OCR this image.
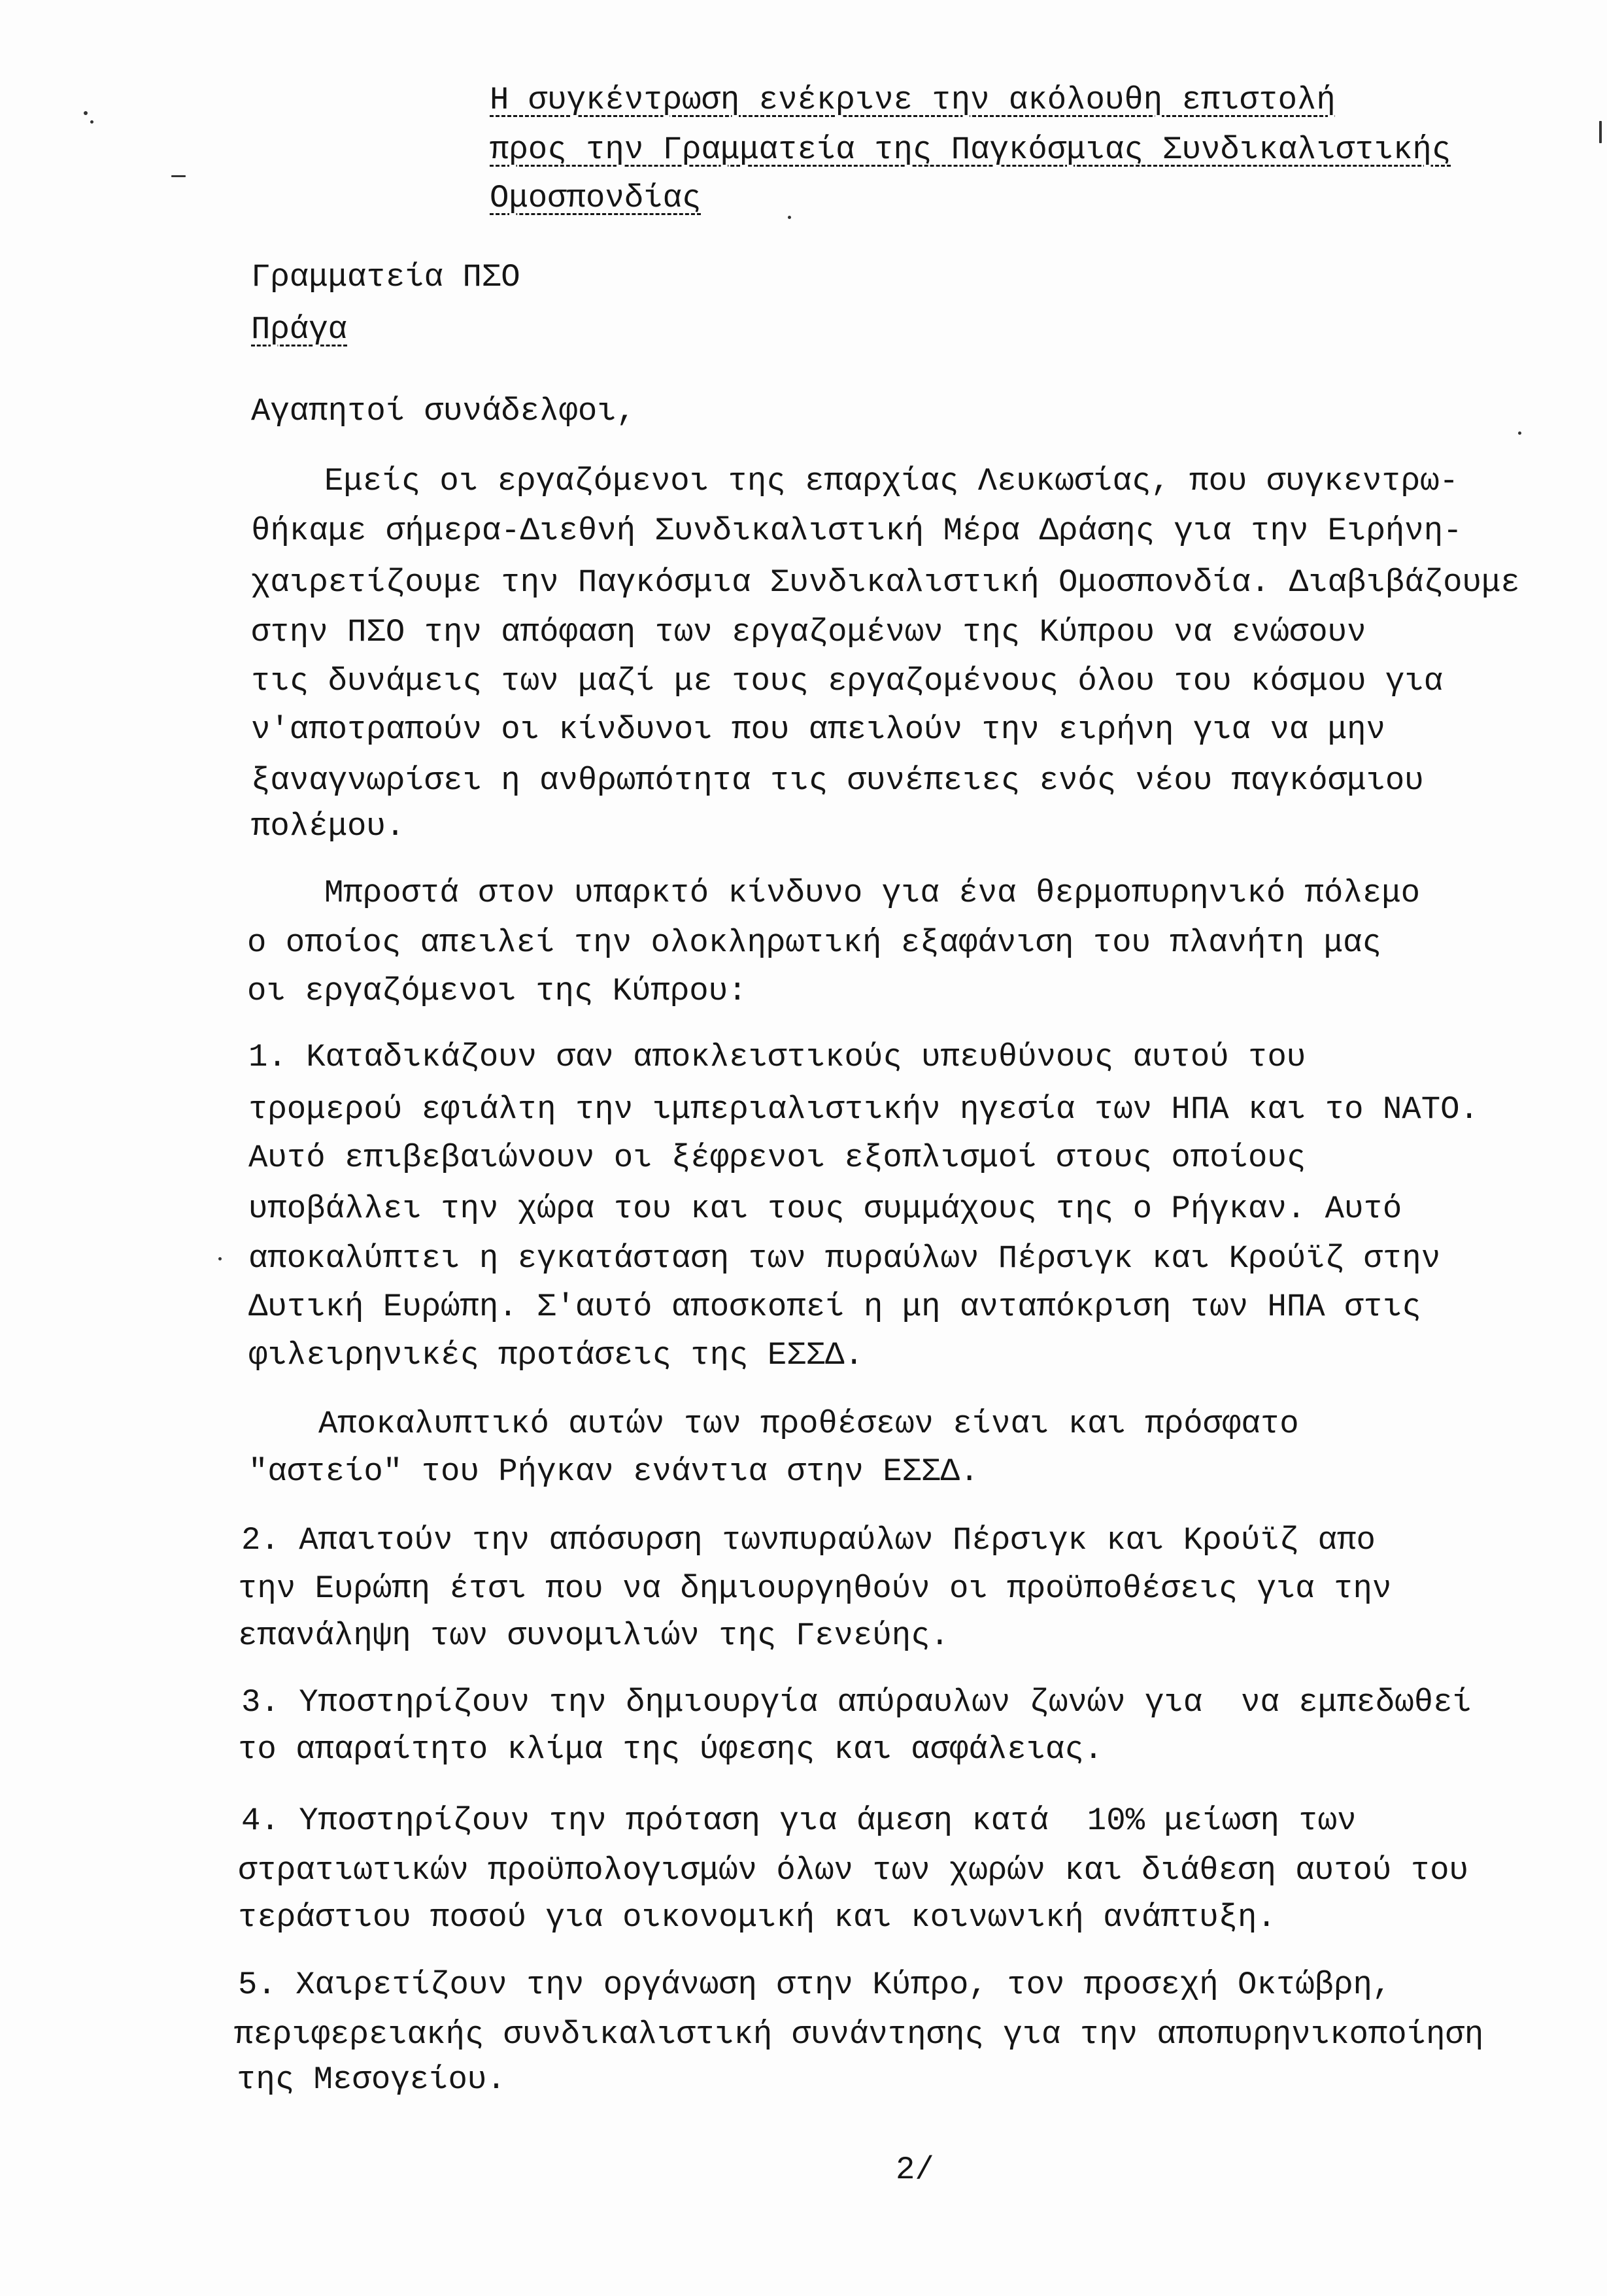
Η συγκέντρωση ενέκρινε την ακόλουθη επιστολή
προς την Γραμματεία της Παγκόσμιας Συνδικαλιστικής
Ομοσπονδίας
Γραμματεία ΠΣΟ
Πράγα
Αγαπητοί συνάδελφοι,
Εμείς οι εργαζόμενοι της επαρχίας Λευκωσίας, που συγκεντρω-
θήκαμε σήμερα-Διεθνή Συνδικαλιστική Μέρα Δράσης για την Ειρήνη-
χαιρετίζουμε την Παγκόσμια Συνδικαλιστική Ομοσπονδία. Διαβιβάζουμε
στην ΠΣΟ την απόφαση των εργαζομένων της Κύπρου να ενώσουν
τις δυνάμεις των μαζί με τους εργαζομένους όλου του κόσμου για
ν'αποτραπούν οι κίνδυνοι που απειλούν την ειρήνη για να μην
ξαναγνωρίσει η ανθρωπότητα τις συνέπειες ενός νέου παγκόσμιου
πολέμου.
Μπροστά στον υπαρκτό κίνδυνο για ένα θερμοπυρηνικό πόλεμο
ο οποίος απειλεί την ολοκληρωτική εξαφάνιση του πλανήτη μας
οι εργαζόμενοι της Κύπρου:
1. Καταδικάζουν σαν αποκλειστικούς υπευθύνους αυτού του
τρομερού εφιάλτη την ιμπεριαλιστικήν ηγεσία των ΗΠΑ και το ΝΑΤΟ.
Αυτό επιβεβαιώνουν οι ξέφρενοι εξοπλισμοί στους οποίους
υποβάλλει την χώρα του και τους συμμάχους της ο Ρήγκαν. Αυτό
αποκαλύπτει η εγκατάσταση των πυραύλων Πέρσιγκ και Κρούϊζ στην
Δυτική Ευρώπη. Σ'αυτό αποσκοπεί η μη ανταπόκριση των ΗΠΑ στις
φιλειρηνικές προτάσεις της ΕΣΣΔ.
Αποκαλυπτικό αυτών των προθέσεων είναι και πρόσφατο
"αστείο" του Ρήγκαν ενάντια στην ΕΣΣΔ.
2. Απαιτούν την απόσυρση τωνπυραύλων Πέρσιγκ και Κρούϊζ απο
την Ευρώπη έτσι που να δημιουργηθούν οι προϋποθέσεις για την
επανάληψη των συνομιλιών της Γενεύης.
3. Υποστηρίζουν την δημιουργία απύραυλων ζωνών για  να εμπεδωθεί
το απαραίτητο κλίμα της ύφεσης και ασφάλειας.
4. Υποστηρίζουν την πρόταση για άμεση κατά  10% μείωση των
στρατιωτικών προϋπολογισμών όλων των χωρών και διάθεση αυτού του
τεράστιου ποσού για οικονομική και κοινωνική ανάπτυξη.
5. Χαιρετίζουν την οργάνωση στην Κύπρο, τον προσεχή Οκτώβρη,
περιφερειακής συνδικαλιστική συνάντησης για την αποπυρηνικοποίηση
της Μεσογείου.
2/
